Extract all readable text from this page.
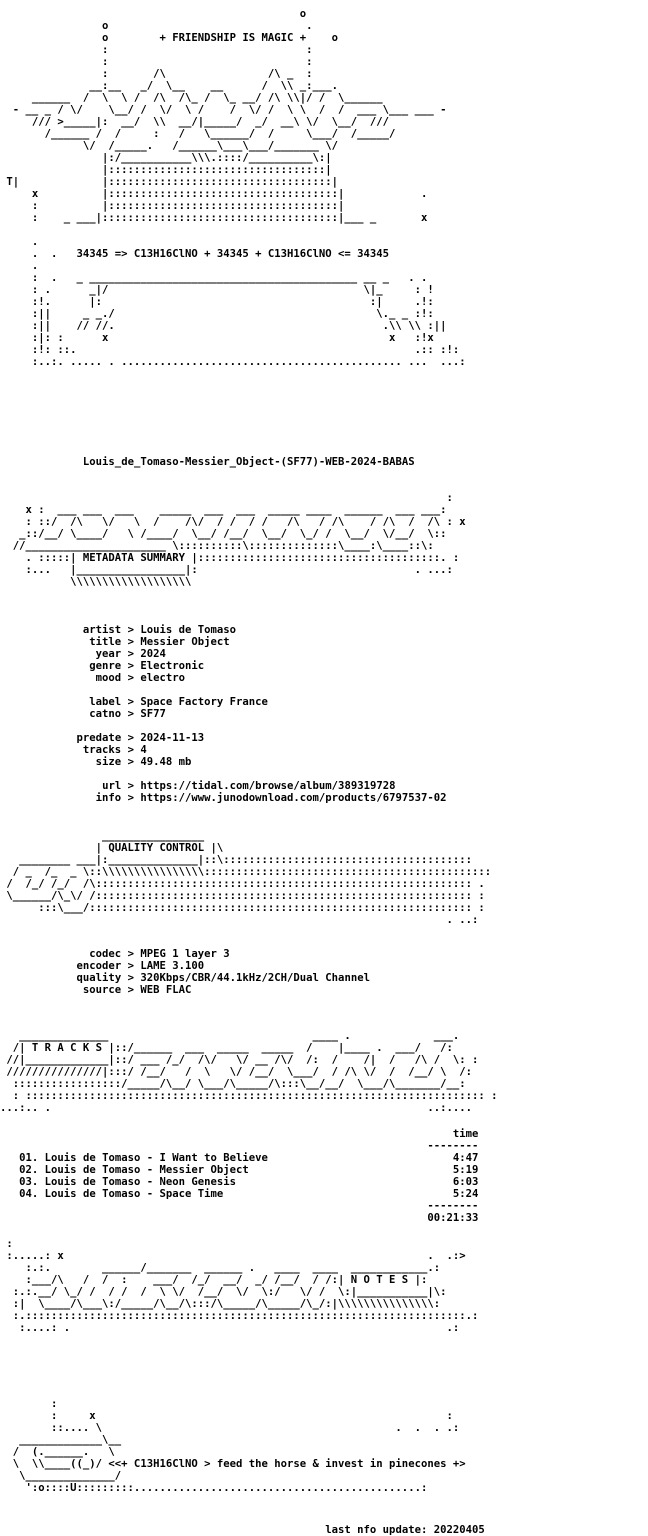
o
o                               .
o        + FRIENDSHIP IS MAGIC +    o
:                               :
:                               :
:       /\                /\ _  :
__:__   _/  \__    __      /  \\ _:___.
______  /  \  \ /  /\  /\_ /  \_ __/ /\ \\|/ /  \______
- __ _ / \/    \__/ /  \/  \ /    /  \/ /  \ \  /  /  ___ \___ ___ -
/// >_____|:  __/  \\  __/|_____/  _/  __\ \/  \__/  ///
/______ /  /     :   /   \______/  /     \___/  /_____/
\/  /_____.   /______\___\___/_______ \/
|:/___________\\\.::::/__________\:|
|::::::::::::::::::::::::::::::::::|
T|             |:::::::::::::::::::::::::::::::::::|
x          |::::::::::::::::::::::::::::::::::::|            .
:          |::::::::::::::::::::::::::::::::::::|
:    _ ___|:::::::::::::::::::::::::::::::::::::|___ _       x
.
.  .   34345 => C13H16ClNO + 34345 + C13H16ClNO <= 34345
.
:  .   _ __________________________________________ __ _   . .
: .      _|/                                        \|_     : !
:!.      |:                                          :|     .!:
:||     _ _./                                         \._ _ :!:
:||    // //.                                          .\\ \\ :||
:|: :      x                                            x   :!x
:!: ::.                                                     .:: :!:
:..:. ..... . ............................................ ...  ...:
Louis_de_Tomaso-Messier_Object-(SF77)-WEB-2024-BABAS
:
x :  ___ ___  ___    _____  ___  ___  _____ ____  ______  ___ ___:
: ::/  /\   \/   \  /    /\/  / /  / /   /\   / /\    / /\  /  /\ : x
_::/__/ \____/   \ /____/  \__/ /__/  \__/  \_/ /  \__/  \/__/  \::
//______________________ \::::::::::\::::::::::::::\____:\____::\:
. :::::| METADATA SUMMARY |::::::::::::::::::::::::::::::::::::::. :
:...   |_________________|:                                  . ...:
\\\\\\\\\\\\\\\\\\\
artist > Louis de Tomaso
title > Messier Object
year > 2024
genre > Electronic
mood > electro
label > Space Factory France
catno > SF77
predate > 2024-11-13
tracks > 4
size > 49.48 mb
url > https://tidal.com/browse/album/389319728
info > https://www.junodownload.com/products/6797537-02
________________
| QUALITY CONTROL |\
________ ___|:______________|::\:::::::::::::::::::::::::::::::::::::::
/ _  /_  _ \::\\\\\\\\\\\\\\\\:::::::::::::::::::::::::::::::::::::::::::::
/  /_/ /_/  /\::::::::::::::::::::::::::::::::::::::::::::::::::::::::::: .
\______/\_\/ /::::::::::::::::::::::::::::::::::::::::::::::::::::::::::: :
:::\___/:::::::::::::::::::::::::::::::::::::::::::::::::::::::::::: :
. ..:
codec > MPEG 1 layer 3
encoder > LAME 3.100
quality > 320Kbps/CBR/44.1kHz/2CH/Dual Channel
source > WEB FLAC
______________                                ____ .             ___.
/| T R A C K S |::/______  ___  _____  _____  /    |____ .  ___/   /:
//|_____________|::/ ___ /_/  /\/   \/ __ /\/  /:  /    /|  /   /\ /  \: :
///////////////|:::/ /__/   /  \   \/ /__/  \___/  / /\ \/  /  /__/ \  /:
:::::::::::::::::/_____/\__/ \___/\_____/\:::\__/__/  \___/\_______/__:
: :::::::::::::::::::::::::::::::::::::::::::::::::::::::::::::::::::::::: :
...:.. .                                                           ..:....
time
--------
01. Louis de Tomaso - I Want to Believe	4:47
02. Louis de Tomaso - Messier Object	5:19
03. Louis de Tomaso - Neon Genesis	6:03
04. Louis de Tomaso - Space Time	5:24
--------
00:21:33
:
:.....: x                                                         .  .:>
:.:.        ______/_______  ______ .   ____  ____  ____________.:
:___/\   /  /  :    ___/  /_/  __/  _/ /__/  / /:| N O T E S |:
:.:.__/ \_/ /  / /  /  \ \/  /__/  \/  \:/   \/ /  \:|___________|\:
:|  \____/\___\:/_____/\__/\:::/\_____/\_____/\_/:|\\\\\\\\\\\\\\\:
:.:::::::::::::::::::::::::::::::::::::::::::::::::::::::::::::::::::::.:
:....: .                                                           .:
:
:     x                                                       :
::.... \                                              .  .  . .:
_____________\__
/  (.______.   \
\  \\____((_)/ <<+ C13H16ClNO > feed the horse & invest in pinecones +>
\______________/
':o::::U:::::::::.............................................:
last nfo update: 20220405
